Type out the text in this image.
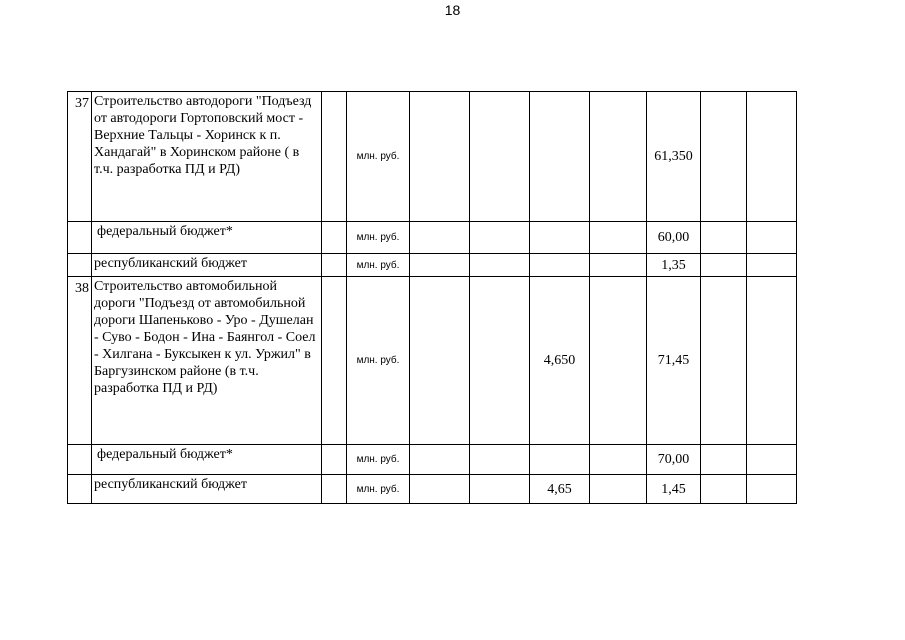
18
37	Строительство автодороги "Подъезд от автодороги Гортоповский мост - Верхние Тальцы - Хоринск к п. Хандагай" в Хоринском районе ( в т.ч. разработка ПД и РД)		млн. руб.					61,350		
	федеральный бюджет*		млн. руб.					60,00		
	республиканский бюджет		млн. руб.					1,35		
38	Строительство автомобильной дороги "Подъезд от автомобильной дороги Шапеньково - Уро - Душелан - Суво - Бодон - Ина - Баянгол - Соел - Хилгана - Буксыкен к ул. Уржил" в Баргузинском районе (в т.ч. разработка ПД и РД)		млн. руб.			4,650		71,45		
	федеральный бюджет*		млн. руб.					70,00		
	республиканский бюджет		млн. руб.			4,65		1,45		
